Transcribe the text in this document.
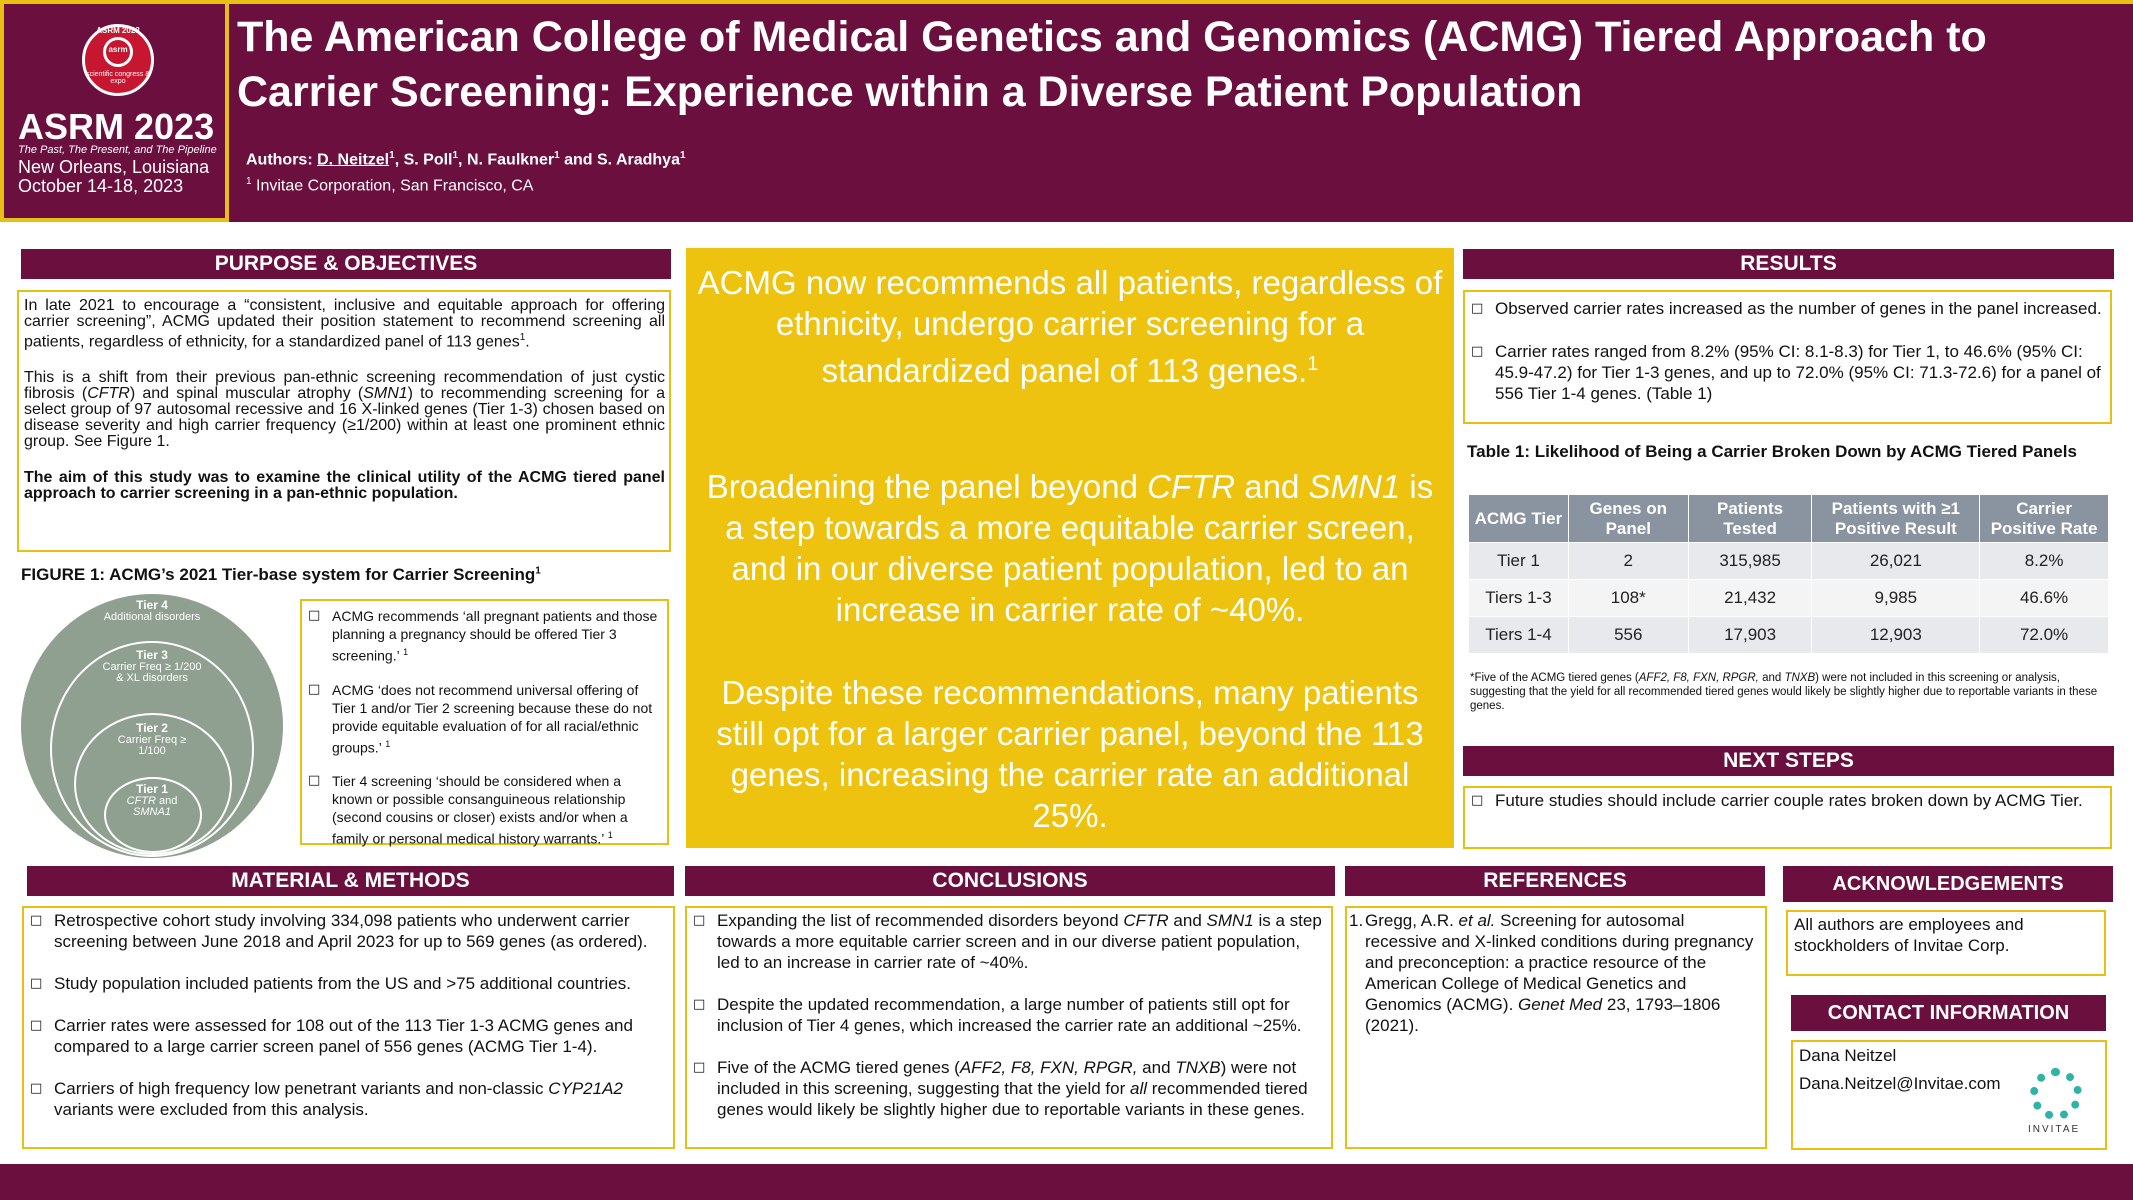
ASRM 2023
asrm
scientific congress & expo
ASRM 2023
The Past, The Present, and The Pipeline
New Orleans, Louisiana
October 14-18, 2023
The American College of Medical Genetics and Genomics (ACMG) Tiered Approach to Carrier Screening: Experience within a Diverse Patient Population
Authors: D. Neitzel$^1$, S. Poll$^1$, N. Faulkner$^1$ and S. Aradhya$^1$
$^1$ Invitae Corporation, San Francisco, CA
PURPOSE & OBJECTIVES
In late 2021 to encourage a “consistent, inclusive and equitable approach for offering carrier screening”, ACMG updated their position statement to recommend screening all patients, regardless of ethnicity, for a standardized panel of 113 genes$^1$.
This is a shift from their previous pan-ethnic screening recommendation of just cystic fibrosis (CFTR) and spinal muscular atrophy (SMN1) to recommending screening for a select group of 97 autosomal recessive and 16 X-linked genes (Tier 1-3) chosen based on disease severity and high carrier frequency (≥1/200) within at least one prominent ethnic group. See Figure 1.
The aim of this study was to examine the clinical utility of the ACMG tiered panel approach to carrier screening in a pan-ethnic population.
FIGURE 1: ACMG’s 2021 Tier-base system for Carrier Screening$^1$
Tier 4
Additional disorders
Tier 3
Carrier Freq ≥ 1/200 & XL disorders
Tier 2
Carrier Freq ≥ 1/100
Tier 1
CFTR and
SMNA1
□ ACMG recommends ‘all pregnant patients and those planning a pregnancy should be offered Tier 3 screening.’ $^1$
□ ACMG ‘does not recommend universal offering of Tier 1 and/or Tier 2 screening because these do not provide equitable evaluation of for all racial/ethnic groups.’ $^1$
□ Tier 4 screening ‘should be considered when a known or possible consanguineous relationship (second cousins or closer) exists and/or when a family or personal medical history warrants.’ $^1$
ACMG now recommends all patients, regardless of ethnicity, undergo carrier screening for a standardized panel of 113 genes.$^1$
Broadening the panel beyond CFTR and SMN1 is a step towards a more equitable carrier screen, and in our diverse patient population, led to an increase in carrier rate of ~40%.
Despite these recommendations, many patients still opt for a larger carrier panel, beyond the 113 genes, increasing the carrier rate an additional 25%.
RESULTS
□ Observed carrier rates increased as the number of genes in the panel increased.
□ Carrier rates ranged from 8.2% (95% CI: 8.1-8.3) for Tier 1, to 46.6% (95% CI: 45.9-47.2) for Tier 1-3 genes, and up to 72.0% (95% CI: 71.3-72.6) for a panel of 556 Tier 1-4 genes. (Table 1)
Table 1: Likelihood of Being a Carrier Broken Down by ACMG Tiered Panels
ACMG Tier	Genes on Panel	Patients Tested	Patients with ≥1 Positive Result	Carrier Positive Rate
Tier 1	2	315,985	26,021	8.2%
Tiers 1-3	108*	21,432	9,985	46.6%
Tiers 1-4	556	17,903	12,903	72.0%
*Five of the ACMG tiered genes (AFF2, F8, FXN, RPGR, and TNXB) were not included in this screening or analysis, suggesting that the yield for all recommended tiered genes would likely be slightly higher due to reportable variants in these genes.
NEXT STEPS
□ Future studies should include carrier couple rates broken down by ACMG Tier.
MATERIAL & METHODS
□ Retrospective cohort study involving 334,098 patients who underwent carrier screening between June 2018 and April 2023 for up to 569 genes (as ordered).
□ Study population included patients from the US and >75 additional countries.
□ Carrier rates were assessed for 108 out of the 113 Tier 1-3 ACMG genes and compared to a large carrier screen panel of 556 genes (ACMG Tier 1-4).
□ Carriers of high frequency low penetrant variants and non-classic CYP21A2 variants were excluded from this analysis.
CONCLUSIONS
□ Expanding the list of recommended disorders beyond CFTR and SMN1 is a step towards a more equitable carrier screen and in our diverse patient population, led to an increase in carrier rate of ~40%.
□ Despite the updated recommendation, a large number of patients still opt for inclusion of Tier 4 genes, which increased the carrier rate an additional ~25%.
□ Five of the ACMG tiered genes (AFF2, F8, FXN, RPGR, and TNXB) were not included in this screening, suggesting that the yield for all recommended tiered genes would likely be slightly higher due to reportable variants in these genes.
REFERENCES
1. Gregg, A.R. et al. Screening for autosomal recessive and X-linked conditions during pregnancy and preconception: a practice resource of the American College of Medical Genetics and Genomics (ACMG). Genet Med 23, 1793–1806 (2021).
ACKNOWLEDGEMENTS
All authors are employees and stockholders of Invitae Corp.
CONTACT INFORMATION
Dana Neitzel
Dana.Neitzel@Invitae.com
INVITAE
